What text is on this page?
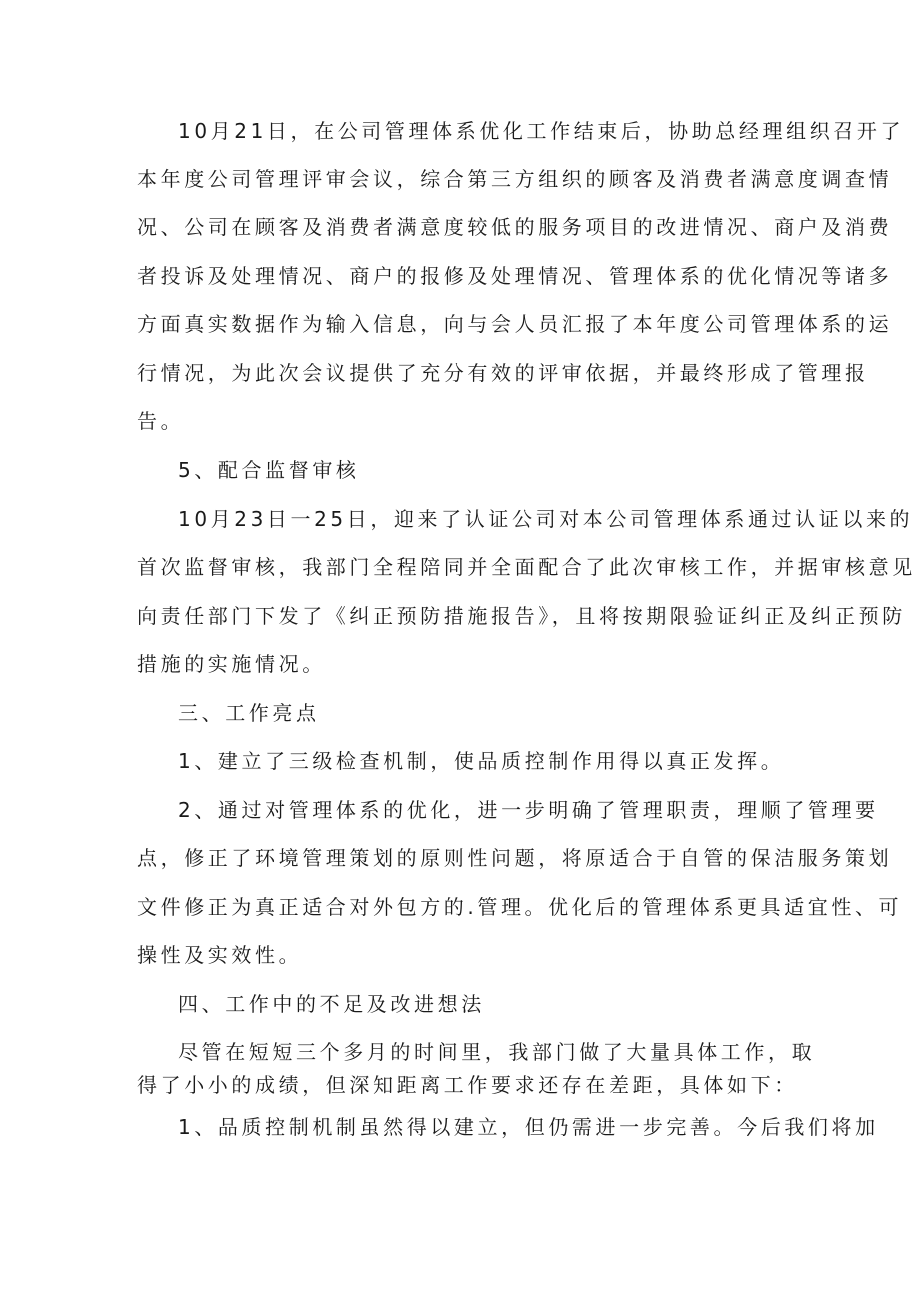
10月21日，在公司管理体系优化工作结束后，协助总经理组织召开了
本年度公司管理评审会议，综合第三方组织的顾客及消费者满意度调查情
况、公司在顾客及消费者满意度较低的服务项目的改进情况、商户及消费
者投诉及处理情况、商户的报修及处理情况、管理体系的优化情况等诸多
方面真实数据作为输入信息，向与会人员汇报了本年度公司管理体系的运
行情况，为此次会议提供了充分有效的评审依据，并最终形成了管理报
告。
5、配合监督审核
10月23日一25日，迎来了认证公司对本公司管理体系通过认证以来的
首次监督审核，我部门全程陪同并全面配合了此次审核工作，并据审核意见
向责任部门下发了《纠正预防措施报告》，且将按期限验证纠正及纠正预防
措施的实施情况。
三、工作亮点
1、建立了三级检查机制，使品质控制作用得以真正发挥。
2、通过对管理体系的优化，进一步明确了管理职责，理顺了管理要
点，修正了环境管理策划的原则性问题，将原适合于自管的保洁服务策划
文件修正为真正适合对外包方的.管理。优化后的管理体系更具适宜性、可
操性及实效性。
四、工作中的不足及改进想法
尽管在短短三个多月的时间里，我部门做了大量具体工作，取
得了小小的成绩，但深知距离工作要求还存在差距，具体如下：
1、品质控制机制虽然得以建立，但仍需进一步完善。今后我们将加
